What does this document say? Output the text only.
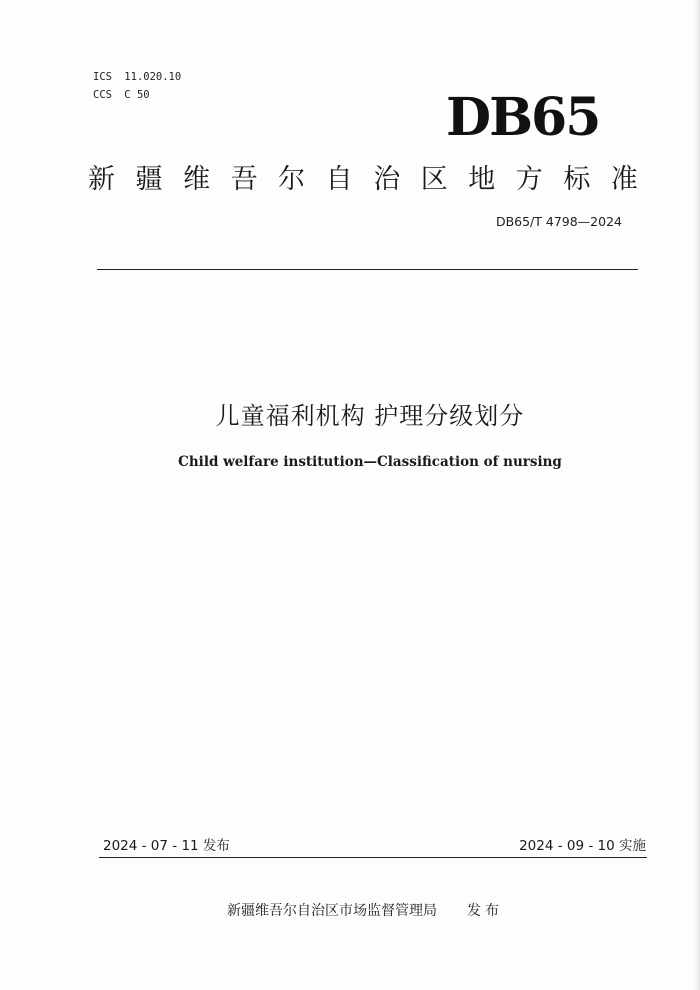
ICS 11.020.10
CCS C 50	DB65
新 疆 维 吾 尔 自 治 区 地 方 标 准
DB65/T 4798—2024
儿童福利机构 护理分级划分
Child welfare institution—Classification of nursing
2024 - 07 - 11 发布	2024 - 09 - 10 实施
新疆维吾尔自治区市场监督管理局 发布
